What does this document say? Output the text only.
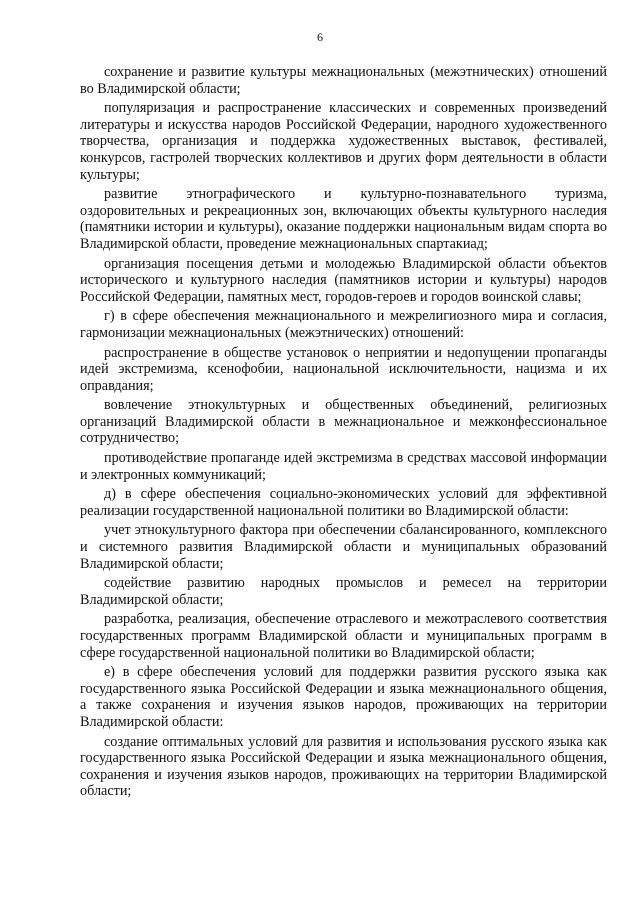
6

сохранение и развитие культуры межнациональных (межэтнических) отношений во Владимирской области;

популяризация и распространение классических и современных произведений литературы и искусства народов Российской Федерации, народного художественного творчества, организация и поддержка художественных выставок, фестивалей, конкурсов, гастролей творческих коллективов и других форм деятельности в области культуры;

развитие этнографического и культурно-познавательного туризма, оздоровительных и рекреационных зон, включающих объекты культурного наследия (памятники истории и культуры), оказание поддержки национальным видам спорта во Владимирской области, проведение межнациональных спартакиад;

организация посещения детьми и молодежью Владимирской области объектов исторического и культурного наследия (памятников истории и культуры) народов Российской Федерации, памятных мест, городов-героев и городов воинской славы;

г) в сфере обеспечения межнационального и межрелигиозного мира и согласия, гармонизации межнациональных (межэтнических) отношений:

распространение в обществе установок о неприятии и недопущении пропаганды идей экстремизма, ксенофобии, национальной исключительности, нацизма и их оправдания;

вовлечение этнокультурных и общественных объединений, религиозных организаций Владимирской области в межнациональное и межконфессиональное сотрудничество;

противодействие пропаганде идей экстремизма в средствах массовой информации и электронных коммуникаций;

д) в сфере обеспечения социально-экономических условий для эффективной реализации государственной национальной политики во Владимирской области:

учет этнокультурного фактора при обеспечении сбалансированного, комплексного и системного развития Владимирской области и муниципальных образований Владимирской области;

содействие развитию народных промыслов и ремесел на территории Владимирской области;

разработка, реализация, обеспечение отраслевого и межотраслевого соответствия государственных программ Владимирской области и муниципальных программ в сфере государственной национальной политики во Владимирской области;

е) в сфере обеспечения условий для поддержки развития русского языка как государственного языка Российской Федерации и языка межнационального общения, а также сохранения и изучения языков народов, проживающих на территории Владимирской области:

создание оптимальных условий для развития и использования русского языка как государственного языка Российской Федерации и языка межнационального общения, сохранения и изучения языков народов, проживающих на территории Владимирской области;
